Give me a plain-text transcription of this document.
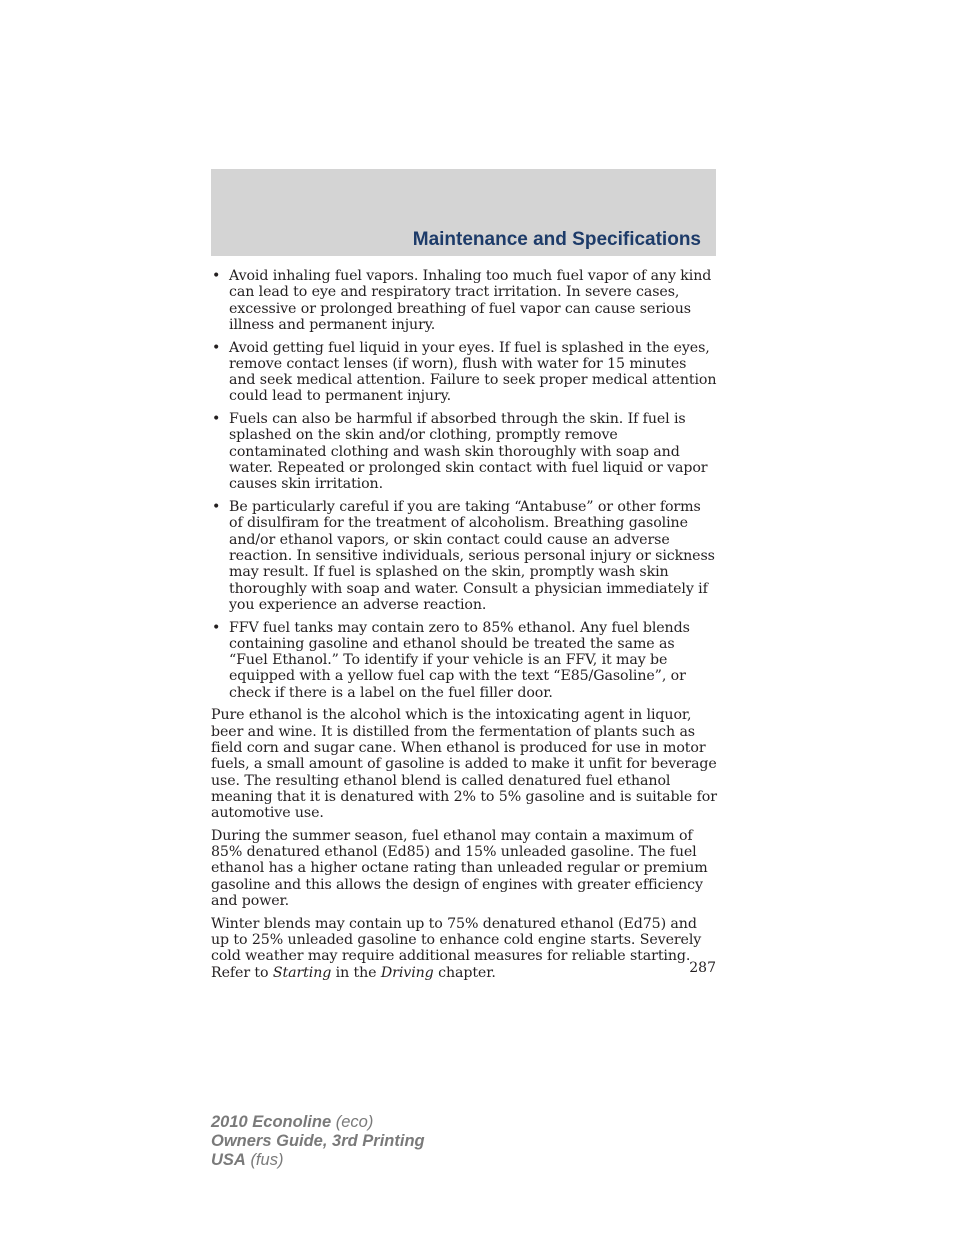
Maintenance and Specifications
• Avoid inhaling fuel vapors. Inhaling too much fuel vapor of any kind can lead to eye and respiratory tract irritation. In severe cases, excessive or prolonged breathing of fuel vapor can cause serious illness and permanent injury.
• Avoid getting fuel liquid in your eyes. If fuel is splashed in the eyes, remove contact lenses (if worn), flush with water for 15 minutes and seek medical attention. Failure to seek proper medical attention could lead to permanent injury.
• Fuels can also be harmful if absorbed through the skin. If fuel is splashed on the skin and/or clothing, promptly remove contaminated clothing and wash skin thoroughly with soap and water. Repeated or prolonged skin contact with fuel liquid or vapor causes skin irritation.
• Be particularly careful if you are taking “Antabuse” or other forms of disulfiram for the treatment of alcoholism. Breathing gasoline and/or ethanol vapors, or skin contact could cause an adverse reaction. In sensitive individuals, serious personal injury or sickness may result. If fuel is splashed on the skin, promptly wash skin thoroughly with soap and water. Consult a physician immediately if you experience an adverse reaction.
• FFV fuel tanks may contain zero to 85% ethanol. Any fuel blends containing gasoline and ethanol should be treated the same as “Fuel Ethanol.” To identify if your vehicle is an FFV, it may be equipped with a yellow fuel cap with the text “E85/Gasoline”, or check if there is a label on the fuel filler door.

Pure ethanol is the alcohol which is the intoxicating agent in liquor, beer and wine. It is distilled from the fermentation of plants such as field corn and sugar cane. When ethanol is produced for use in motor fuels, a small amount of gasoline is added to make it unfit for beverage use. The resulting ethanol blend is called denatured fuel ethanol meaning that it is denatured with 2% to 5% gasoline and is suitable for automotive use.

During the summer season, fuel ethanol may contain a maximum of 85% denatured ethanol (Ed85) and 15% unleaded gasoline. The fuel ethanol has a higher octane rating than unleaded regular or premium gasoline and this allows the design of engines with greater efficiency and power.

Winter blends may contain up to 75% denatured ethanol (Ed75) and up to 25% unleaded gasoline to enhance cold engine starts. Severely cold weather may require additional measures for reliable starting. Refer to Starting in the Driving chapter.	287
2010 Econoline (eco)
Owners Guide, 3rd Printing
USA (fus)
